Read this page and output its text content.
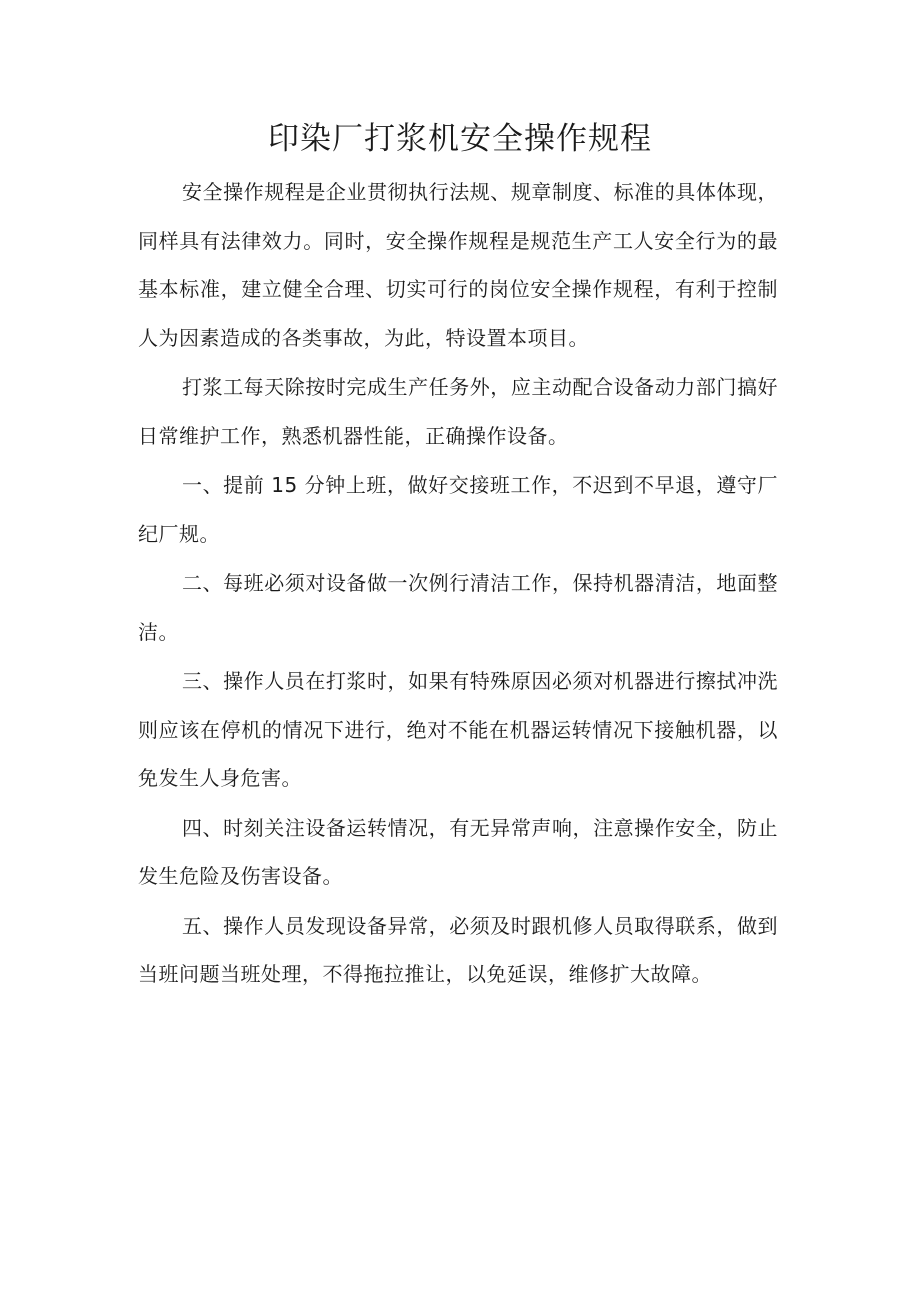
印染厂打浆机安全操作规程

安全操作规程是企业贯彻执行法规、规章制度、标准的具体体现，同样具有法律效力。同时，安全操作规程是规范生产工人安全行为的最基本标准，建立健全合理、切实可行的岗位安全操作规程，有利于控制人为因素造成的各类事故，为此，特设置本项目。

打浆工每天除按时完成生产任务外，应主动配合设备动力部门搞好日常维护工作，熟悉机器性能，正确操作设备。

一、提前 15 分钟上班，做好交接班工作，不迟到不早退，遵守厂纪厂规。

二、每班必须对设备做一次例行清洁工作，保持机器清洁，地面整洁。

三、操作人员在打浆时，如果有特殊原因必须对机器进行擦拭冲洗则应该在停机的情况下进行，绝对不能在机器运转情况下接触机器，以免发生人身危害。

四、时刻关注设备运转情况，有无异常声响，注意操作安全，防止发生危险及伤害设备。

五、操作人员发现设备异常，必须及时跟机修人员取得联系，做到当班问题当班处理，不得拖拉推让，以免延误，维修扩大故障。
